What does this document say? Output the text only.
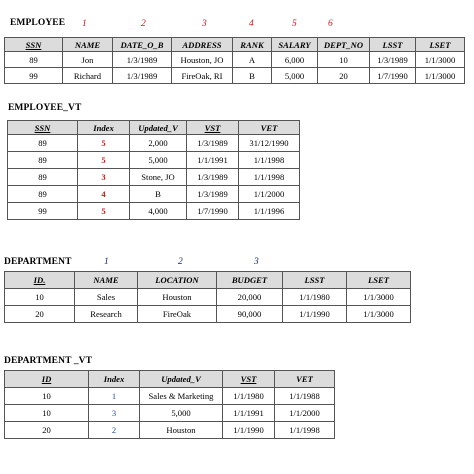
EMPLOYEE 1	2	3	4	5	6
SSN	NAME	DATE_O_B	ADDRESS	RANK	SALARY	DEPT_NO	LSST	LSET
89	Jon	1/3/1989	Houston, JO	A	6,000	10	1/3/1989	1/1/3000
99	Richard	1/3/1989	FireOak, RI	B	5,000	20	1/7/1990	1/1/3000
EMPLOYEE_VT
SSN	Index	Updated_V	VST	VET
89	5	2,000	1/3/1989	31/12/1990
89	5	5,000	1/1/1991	1/1/1998
89	3	Stone, JO	1/3/1989	1/1/1998
89	4	B	1/3/1989	1/1/2000
99	5	4,000	1/7/1990	1/1/1996
DEPARTMENT	1	2	3
ID.	NAME	LOCATION	BUDGET	LSST	LSET
10	Sales	Houston	20,000	1/1/1980	1/1/3000
20	Research	FireOak	90,000	1/1/1990	1/1/3000
DEPARTMENT _VT
ID	Index	Updated_V	VST	VET
10	1	Sales & Marketing	1/1/1980	1/1/1988
10	3	5,000	1/1/1991	1/1/2000
20	2	Houston	1/1/1990	1/1/1998
